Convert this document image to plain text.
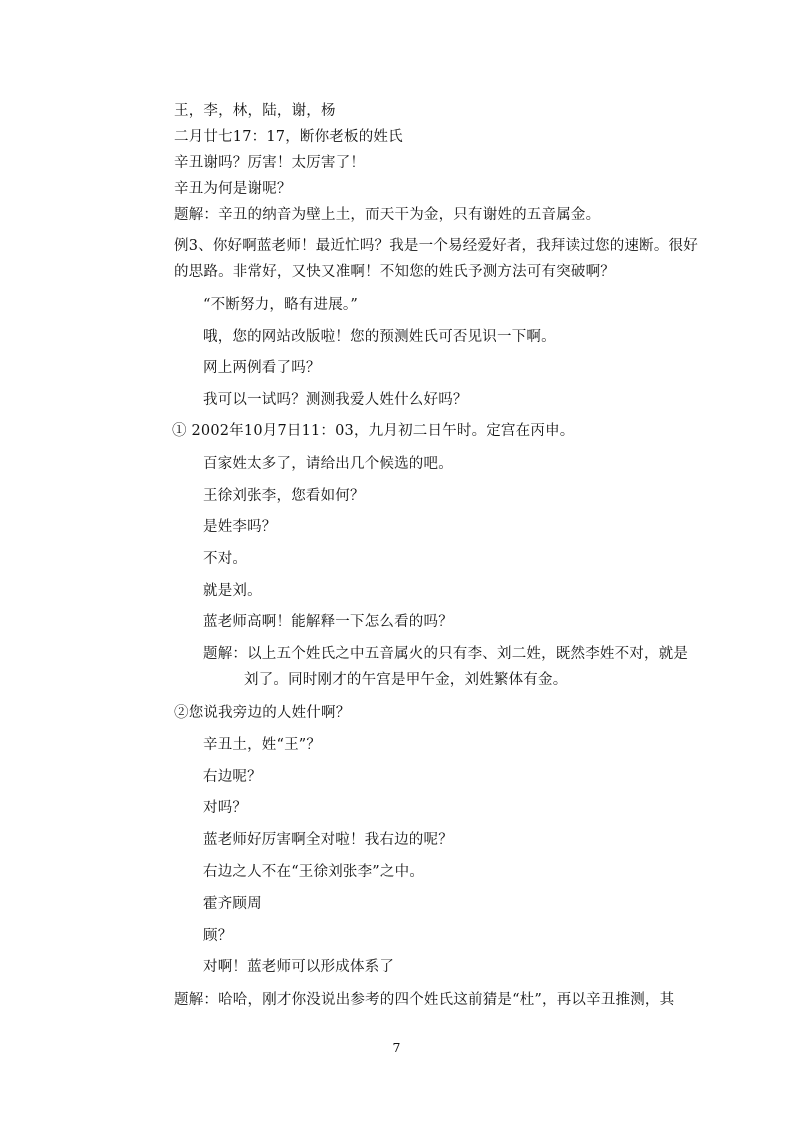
王，李，林，陆，谢，杨
二月廿七17：17，断你老板的姓氏
辛丑谢吗？厉害！太厉害了！
辛丑为何是谢呢？
题解：辛丑的纳音为壁上土，而天干为金，只有谢姓的五音属金。
例3、你好啊蓝老师！最近忙吗？我是一个易经爱好者，我拜读过您的速断。很好
的思路。非常好，又快又准啊！不知您的姓氏予测方法可有突破啊？
“不断努力，略有进展。”
哦，您的网站改版啦！您的预测姓氏可否见识一下啊。
网上两例看了吗？
我可以一试吗？测测我爱人姓什么好吗？
① 2002年10月7日11：03，九月初二日午时。定宫在丙申。
百家姓太多了，请给出几个候选的吧。
王徐刘张李，您看如何？
是姓李吗？
不对。
就是刘。
蓝老师高啊！能解释一下怎么看的吗？
题解：以上五个姓氏之中五音属火的只有李、刘二姓，既然李姓不对，就是
刘了。同时刚才的午宫是甲午金，刘姓繁体有金。
②您说我旁边的人姓什啊？
辛丑土，姓“王”？
右边呢？
对吗？
蓝老师好厉害啊全对啦！我右边的呢？
右边之人不在“王徐刘张李”之中。
霍齐顾周
顾？
对啊！蓝老师可以形成体系了
题解：哈哈，刚才你没说出参考的四个姓氏这前猜是“杜”，再以辛丑推测，其
7
